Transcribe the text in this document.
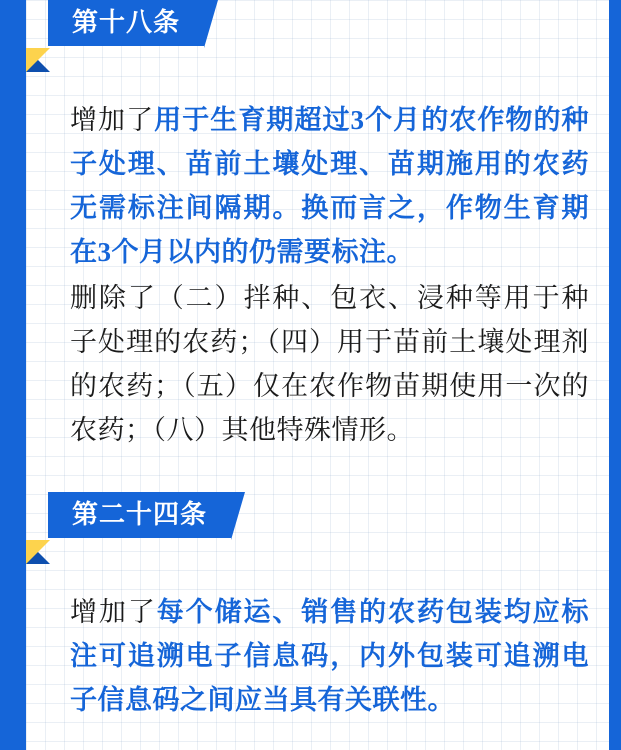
第十八条

增加了用于生育期超过3个月的农作物的种子处理、苗前土壤处理、苗期施用的农药无需标注间隔期。换而言之，作物生育期在3个月以内的仍需要标注。

删除了（二）拌种、包衣、浸种等用于种子处理的农药；（四）用于苗前土壤处理剂的农药；（五）仅在农作物苗期使用一次的农药；（八）其他特殊情形。

第二十四条

增加了每个储运、销售的农药包装均应标注可追溯电子信息码，内外包装可追溯电子信息码之间应当具有关联性。
